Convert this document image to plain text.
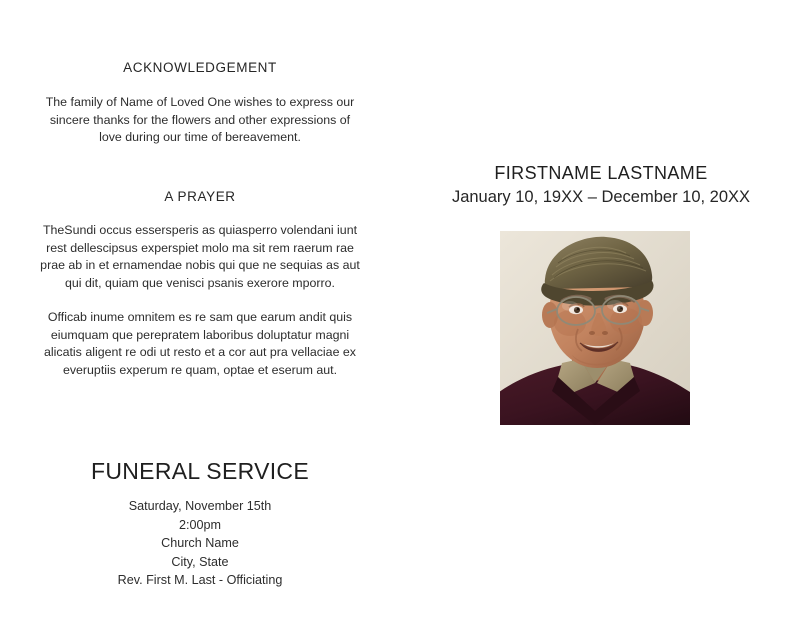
ACKNOWLEDGEMENT

The family of Name of Loved One wishes to express our sincere thanks for the flowers and other expressions of love during our time of bereavement.

A PRAYER

TheSundi occus essersperis as quiasperro volendani iunt rest dellescipsus experspiet molo ma sit rem raerum rae prae ab in et ernamendae nobis qui que ne sequias as aut qui dit, quiam que venisci psanis exerore mporro.

Officab inume omnitem es re sam que earum andit quis eiumquam que perepratem laboribus doluptatur magni alicatis aligent re odi ut resto et a cor aut pra vellaciae ex everuptiis experum re quam, optae et eserum aut.

FUNERAL SERVICE
Saturday, November 15th
2:00pm
Church Name
City, State
Rev. First M. Last - Officiating
FIRSTNAME LASTNAME
January 10, 19XX – December 10, 20XX
